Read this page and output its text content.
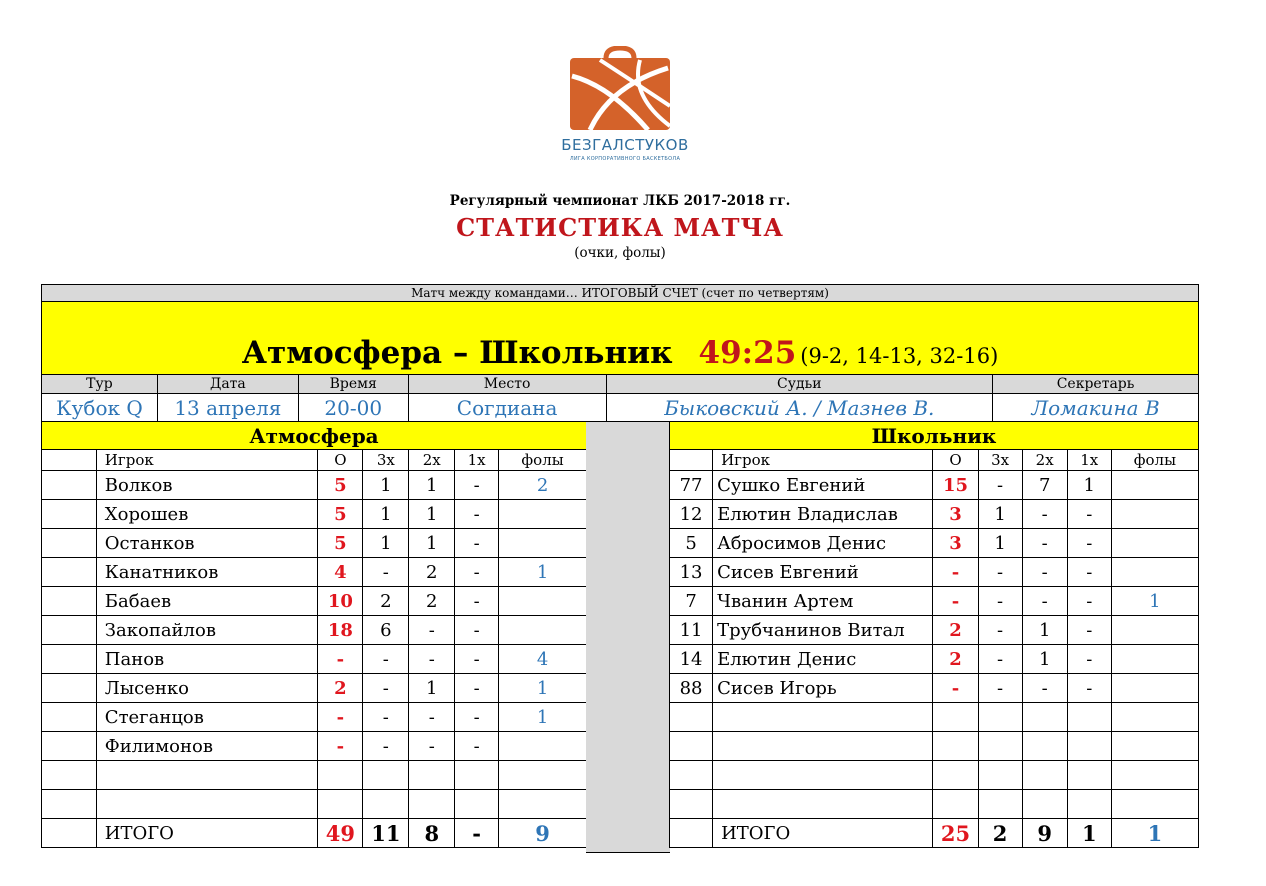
БЕЗГАЛСТУКОВ
ЛИГА КОРПОРАТИВНОГО БАСКЕТБОЛА
Регулярный чемпионат ЛКБ 2017-2018 гг.
СТАТИСТИКА МАТЧА
(очки, фолы)
Матч между командами… ИТОГОВЫЙ СЧЕТ (счет по четвертям)					
Атмосфера – Школьник 49:25 (9-2, 14-13, 32-16)					
Тур	Дата	Время	Место	Судьи	Секретарь
Кубок Q	13 апреля	20-00	Согдиана	Быковский А. / Мазнев В.	Ломакина В
Атмосфера						
	Игрок	О	3х	2х	1х	фолы
	Волков	5	1	1	-	2
	Хорошев	5	1	1	-	
	Останков	5	1	1	-	
	Канатников	4	-	2	-	1
	Бабаев	10	2	2	-	
	Закопайлов	18	6	-	-	
	Панов	-	-	-	-	4
	Лысенко	2	-	1	-	1
	Стеганцов	-	-	-	-	1
	Филимонов	-	-	-	-	

	ИТОГО	49	11	8	-	9
Школьник						
	Игрок	О	3х	2х	1х	фолы
77	Сушко Евгений	15	-	7	1	
12	Елютин Владислав	3	1	-	-	
5	Абросимов Денис	3	1	-	-	
13	Сисев Евгений	-	-	-	-	
7	Чванин Артем	-	-	-	-	1
11	Трубчанинов Витал	2	-	1	-	
14	Елютин Денис	2	-	1	-	
88	Сисев Игорь	-	-	-	-	

	ИТОГО	25	2	9	1	1
